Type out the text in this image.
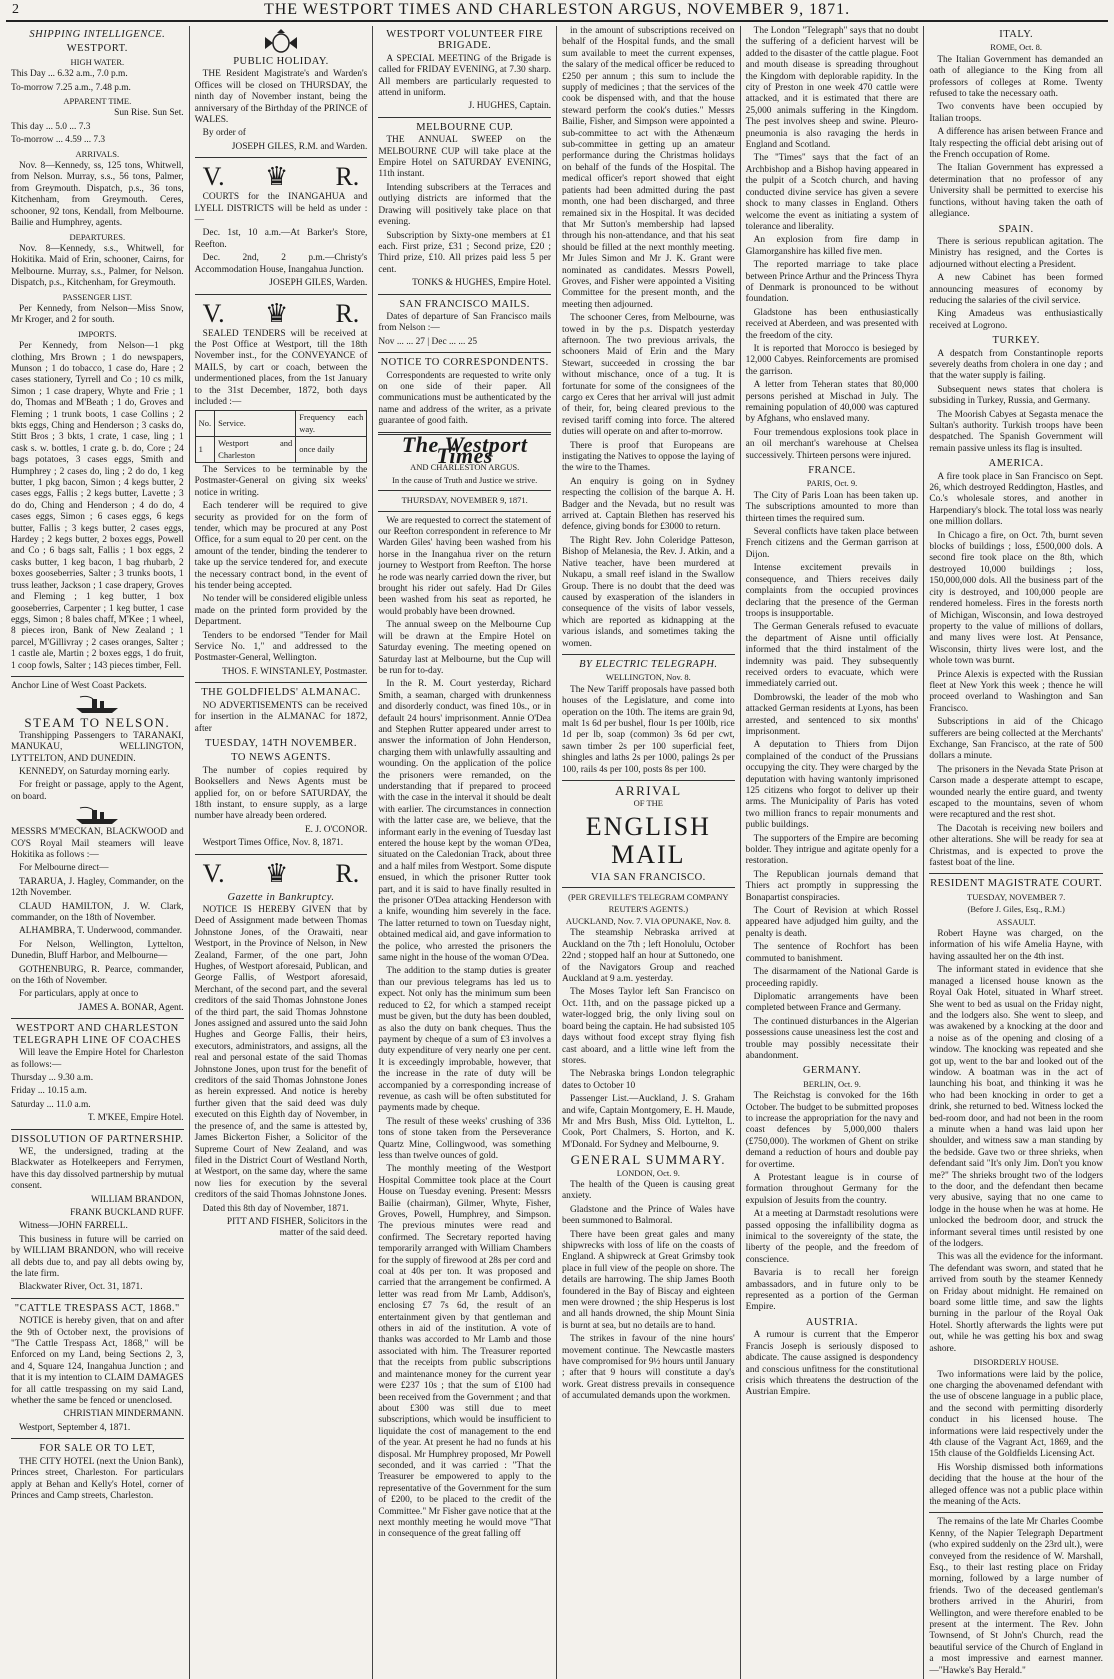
2	THE WESTPORT TIMES AND CHARLESTON ARGUS, NOVEMBER 9, 1871.
SHIPPING INTELLIGENCE.
WESTPORT.
HIGH WATER.
This Day ... 6.32 a.m., 7.0 p.m.
To-morrow 7.25 a.m., 7.48 p.m.
APPARENT TIME.
Sun Rise. Sun Set.
This day ... 5.0 ... 7.3
To-morrow ... 4.59 ... 7.3
ARRIVALS.
Nov. 8—Kennedy, ss, 125 tons, Whitwell, from Nelson. Murray, s.s., 56 tons, Palmer, from Greymouth. Dispatch, p.s., 36 tons, Kitchenham, from Greymouth. Ceres, schooner, 92 tons, Kendall, from Melbourne. Bailie and Humphrey, agents.
DEPARTURES.
Nov. 8—Kennedy, s.s., Whitwell, for Hokitika. Maid of Erin, schooner, Cairns, for Melbourne. Murray, s.s., Palmer, for Nelson. Dispatch, p.s., Kitchenham, for Greymouth.
PASSENGER LIST.
Per Kennedy, from Nelson—Miss Snow, Mr Kroger, and 2 for south.
IMPORTS.
Per Kennedy, from Nelson—1 pkg clothing, Mrs Brown ; 1 do newspapers, Munson ; 1 do tobacco, 1 case do, Hare ; 2 cases stationery, Tyrrell and Co ; 10 cs milk, Simon ; 1 case drapery, Whyte and Frie ; 1 do, Thomas and M'Beath ; 1 do, Groves and Fleming ; 1 trunk boots, 1 case Collins ; 2 bkts eggs, Ching and Henderson ; 3 casks do, Stitt Bros ; 3 bkts, 1 crate, 1 case, ling ; 1 cask s. w. bottles, 1 crate g. b. do, Core ; 24 bags potatoes, 3 cases eggs, Smith and Humphrey ; 2 cases do, ling ; 2 do do, 1 keg butter, 1 pkg bacon, Simon ; 4 kegs butter, 2 cases eggs, Fallis ; 2 kegs butter, Lavette ; 3 do do, Ching and Henderson ; 4 do do, 4 cases eggs, Simon ; 6 cases eggs, 6 kegs butter, Fallis ; 3 kegs butter, 2 cases eggs, Hardey ; 2 kegs butter, 2 boxes eggs, Powell and Co ; 6 bags salt, Fallis ; 1 box eggs, 2 casks butter, 1 keg bacon, 1 bag rhubarb, 2 boxes gooseberries, Salter ; 3 trunks boots, 1 truss leather, Jackson ; 1 case drapery, Groves and Fleming ; 1 keg butter, 1 box gooseberries, Carpenter ; 1 keg butter, 1 case eggs, Simon ; 8 bales chaff, M'Kee ; 1 wheel, 8 pieces iron, Bank of New Zealand ; 1 parcel, M'Gillivray ; 2 cases oranges, Salter ; 1 castle ale, Martin ; 2 boxes eggs, 1 do fruit, 1 coop fowls, Salter ; 143 pieces timber, Fell.
Anchor Line of West Coast Packets.
STEAM TO NELSON.
Transhipping Passengers to TARANAKI, MANUKAU, WELLINGTON, LYTTELTON, AND DUNEDIN.
KENNEDY, on Saturday morning early.
For freight or passage, apply to the Agent, on board.
MESSRS M'MECKAN, BLACKWOOD and CO'S Royal Mail steamers will leave Hokitika as follows :—
For Melbourne direct—
TARARUA, J. Hagley, Commander, on the 12th November.
CLAUD HAMILTON, J. W. Clark, commander, on the 18th of November.
ALHAMBRA, T. Underwood, commander.
For Nelson, Wellington, Lyttelton, Dunedin, Bluff Harbor, and Melbourne—
GOTHENBURG, R. Pearce, commander, on the 16th of November.
For particulars, apply at once to
JAMES A. BONAR, Agent.
WESTPORT AND CHARLESTON TELEGRAPH LINE OF COACHES
Will leave the Empire Hotel for Charleston as follows:—
Thursday ... 9.30 a.m.
Friday ... 10.15 a.m.
Saturday ... 11.0 a.m.
T. M'KEE, Empire Hotel.
DISSOLUTION OF PARTNERSHIP.
WE, the undersigned, trading at the Blackwater as Hotelkeepers and Ferrymen, have this day dissolved partnership by mutual consent.
WILLIAM BRANDON,
FRANK BUCKLAND RUFF.
Witness—JOHN FARRELL.
This business in future will be carried on by WILLIAM BRANDON, who will receive all debts due to, and pay all debts owing by, the late firm.
Blackwater River, Oct. 31, 1871.
"CATTLE TRESPASS ACT, 1868."
NOTICE is hereby given, that on and after the 9th of October next, the provisions of "The Cattle Trespass Act, 1868," will be Enforced on my Land, being Sections 2, 3, and 4, Square 124, Inangahua Junction ; and that it is my intention to CLAIM DAMAGES for all cattle trespassing on my said Land, whether the same be fenced or unenclosed.
CHRISTIAN MINDERMANN.
Westport, September 4, 1871.
FOR SALE OR TO LET,
THE CITY HOTEL (next the Union Bank), Princes street, Charleston. For particulars apply at Behan and Kelly's Hotel, corner of Princes and Camp streets, Charleston.
PUBLIC HOLIDAY.
THE Resident Magistrate's and Warden's Offices will be closed on THURSDAY, the ninth day of November instant, being the anniversary of the Birthday of the PRINCE of WALES.
By order of
JOSEPH GILES, R.M. and Warden.
V. ♛ R.
COURTS for the INANGAHUA and LYELL DISTRICTS will be held as under :—
Dec. 1st, 10 a.m.—At Barker's Store, Reefton.
Dec. 2nd, 2 p.m.—Christy's Accommodation House, Inangahua Junction.
JOSEPH GILES, Warden.
V. ♛ R.
SEALED TENDERS will be received at the Post Office at Westport, till the 18th November inst., for the CONVEYANCE of MAILS, by cart or coach, between the undermentioned places, from the 1st January to the 31st December, 1872, both days included :—
No.	Service.	Frequency each way.
1	Westport and Charleston	once daily
The Services to be terminable by the Postmaster-General on giving six weeks' notice in writing.
Each tenderer will be required to give security as provided for on the form of tender, which may be procured at any Post Office, for a sum equal to 20 per cent. on the amount of the tender, binding the tenderer to take up the service tendered for, and execute the necessary contract bond, in the event of his tender being accepted.
No tender will be considered eligible unless made on the printed form provided by the Department.
Tenders to be endorsed "Tender for Mail Service No. 1," and addressed to the Postmaster-General, Wellington.
THOS. F. WINSTANLEY, Postmaster.
THE GOLDFIELDS' ALMANAC.
NO ADVERTISEMENTS can be received for insertion in the ALMANAC for 1872, after
TUESDAY, 14TH NOVEMBER.
TO NEWS AGENTS.
The number of copies required by Booksellers and News Agents must be applied for, on or before SATURDAY, the 18th instant, to ensure supply, as a large number have already been ordered.
E. J. O'CONOR.
Westport Times Office, Nov. 8, 1871.
V. ♛ R.
Gazette in Bankruptcy.
NOTICE IS HEREBY GIVEN that by Deed of Assignment made between Thomas Johnstone Jones, of the Orawaiti, near Westport, in the Province of Nelson, in New Zealand, Farmer, of the one part, John Hughes, of Westport aforesaid, Publican, and George Fallis, of Westport aforesaid, Merchant, of the second part, and the several creditors of the said Thomas Johnstone Jones of the third part, the said Thomas Johnstone Jones assigned and assured unto the said John Hughes and George Fallis, their heirs, executors, administrators, and assigns, all the real and personal estate of the said Thomas Johnstone Jones, upon trust for the benefit of creditors of the said Thomas Johnstone Jones as herein expressed. And notice is hereby further given that the said deed was duly executed on this Eighth day of November, in the presence of, and the same is attested by, James Bickerton Fisher, a Solicitor of the Supreme Court of New Zealand, and was filed in the District Court of Westland North, at Westport, on the same day, where the same now lies for execution by the several creditors of the said Thomas Johnstone Jones.
Dated this 8th day of November, 1871.
PITT AND FISHER, Solicitors in the matter of the said deed.
WESTPORT VOLUNTEER FIRE BRIGADE.
A SPECIAL MEETING of the Brigade is called for FRIDAY EVENING, at 7.30 sharp. All members are particularly requested to attend in uniform.
J. HUGHES, Captain.
MELBOURNE CUP.
THE ANNUAL SWEEP on the MELBOURNE CUP will take place at the Empire Hotel on SATURDAY EVENING, 11th instant.
Intending subscribers at the Terraces and outlying districts are informed that the Drawing will positively take place on that evening.
Subscription by Sixty-one members at £1 each. First prize, £31 ; Second prize, £20 ; Third prize, £10. All prizes paid less 5 per cent.
TONKS & HUGHES, Empire Hotel.
SAN FRANCISCO MAILS.
Dates of departure of San Francisco mails from Nelson :—
Nov ... ... 27 | Dec ... ... 25
NOTICE TO CORRESPONDENTS.
Correspondents are requested to write only on one side of their paper. All communications must be authenticated by the name and address of the writer, as a private guarantee of good faith.
The Westport Times
AND CHARLESTON ARGUS.
In the cause of Truth and Justice we strive.
THURSDAY, NOVEMBER 9, 1871.
We are requested to correct the statement of our Reefton correspondent in reference to Mr Warden Giles' having been washed from his horse in the Inangahua river on the return journey to Westport from Reefton. The horse he rode was nearly carried down the river, but brought his rider out safely. Had Dr Giles been washed from his seat as reported, he would probably have been drowned.
The annual sweep on the Melbourne Cup will be drawn at the Empire Hotel on Saturday evening. The meeting opened on Saturday last at Melbourne, but the Cup will be run for to-day.
In the R. M. Court yesterday, Richard Smith, a seaman, charged with drunkenness and disorderly conduct, was fined 10s., or in default 24 hours' imprisonment. Annie O'Dea and Stephen Rutter appeared under arrest to answer the information of John Henderson, charging them with unlawfully assaulting and wounding. On the application of the police the prisoners were remanded, on the understanding that if prepared to proceed with the case in the interval it should be dealt with earlier. The circumstances in connection with the latter case are, we believe, that the informant early in the evening of Tuesday last entered the house kept by the woman O'Dea, situated on the Caledonian Track, about three and a half miles from Westport. Some dispute ensued, in which the prisoner Rutter took part, and it is said to have finally resulted in the prisoner O'Dea attacking Henderson with a knife, wounding him severely in the face. The latter returned to town on Tuesday night, obtained medical aid, and gave information to the police, who arrested the prisoners the same night in the house of the woman O'Dea.
The addition to the stamp duties is greater than our previous telegrams has led us to expect. Not only has the minimum sum been reduced to £2, for which a stamped receipt must be given, but the duty has been doubled, as also the duty on bank cheques. Thus the payment by cheque of a sum of £3 involves a duty expenditure of very nearly one per cent. It is exceedingly improbable, however, that the increase in the rate of duty will be accompanied by a corresponding increase of revenue, as cash will be often substituted for payments made by cheque.
The result of these weeks' crushing of 336 tons of stone taken from the Perseverance Quartz Mine, Collingwood, was something less than twelve ounces of gold.
The monthly meeting of the Westport Hospital Committee took place at the Court House on Tuesday evening. Present: Messrs Bailie (chairman), Gilmer, Whyte, Fisher, Groves, Powell, Humphrey, and Simpson. The previous minutes were read and confirmed. The Secretary reported having temporarily arranged with William Chambers for the supply of firewood at 28s per cord and coal at 40s per ton. It was proposed and carried that the arrangement be confirmed. A letter was read from Mr Lamb, Addison's, enclosing £7 7s 6d, the result of an entertainment given by that gentleman and others in aid of the institution. A vote of thanks was accorded to Mr Lamb and those associated with him. The Treasurer reported that the receipts from public subscriptions and maintenance money for the current year were £237 10s ; that the sum of £100 had been received from the Government ; and that about £300 was still due to meet subscriptions, which would be insufficient to liquidate the cost of management to the end of the year. At present he had no funds at his disposal. Mr Humphrey proposed, Mr Powell seconded, and it was carried : "That the Treasurer be empowered to apply to the representative of the Government for the sum of £200, to be placed to the credit of the Committee." Mr Fisher gave notice that at the next monthly meeting he would move "That in consequence of the great falling off
in the amount of subscriptions received on behalf of the Hospital funds, and the small sum available to meet the current expenses, the salary of the medical officer be reduced to £250 per annum ; this sum to include the supply of medicines ; that the services of the cook be dispensed with, and that the house steward perform the cook's duties." Messrs Bailie, Fisher, and Simpson were appointed a sub-committee to act with the Athenæum sub-committee in getting up an amateur performance during the Christmas holidays on behalf of the funds of the Hospital. The medical officer's report showed that eight patients had been admitted during the past month, one had been discharged, and three remained six in the Hospital. It was decided that Mr Sutton's membership had lapsed through his non-attendance, and that his seat should be filled at the next monthly meeting. Mr Jules Simon and Mr J. K. Grant were nominated as candidates. Messrs Powell, Groves, and Fisher were appointed a Visiting Committee for the present month, and the meeting then adjourned.
The schooner Ceres, from Melbourne, was towed in by the p.s. Dispatch yesterday afternoon. The two previous arrivals, the schooners Maid of Erin and the Mary Stewart, succeeded in crossing the bar without mischance, once of a tug. It is fortunate for some of the consignees of the cargo ex Ceres that her arrival will just admit of their, for, being cleared previous to the revised tariff coming into force. The altered duties will operate on and after to-morrow.
There is proof that Europeans are instigating the Natives to oppose the laying of the wire to the Thames.
An enquiry is going on in Sydney respecting the collision of the barque A. H. Badger and the Nevada, but no result was arrived at. Captain Blethen has reserved his defence, giving bonds for £3000 to return.
The Right Rev. John Coleridge Patteson, Bishop of Melanesia, the Rev. J. Atkin, and a Native teacher, have been murdered at Nukapu, a small reef island in the Swallow Group. There is no doubt that the deed was caused by exasperation of the islanders in consequence of the visits of labor vessels, which are reported as kidnapping at the various islands, and sometimes taking the women.
BY ELECTRIC TELEGRAPH.
WELLINGTON, Nov. 8.
The New Tariff proposals have passed both houses of the Legislature, and come into operation on the 10th. The items are grain 9d, malt 1s 6d per bushel, flour 1s per 100lb, rice 1d per lb, soap (common) 3s 6d per cwt, sawn timber 2s per 100 superficial feet, shingles and laths 2s per 1000, palings 2s per 100, rails 4s per 100, posts 8s per 100.
ARRIVAL
OF THE
ENGLISH MAIL
VIA SAN FRANCISCO.
(PER GREVILLE'S TELEGRAM COMPANY REUTER'S AGENTS.)
AUCKLAND, Nov. 7. VIA OPUNAKE, Nov. 8.
The steamship Nebraska arrived at Auckland on the 7th ; left Honolulu, October 22nd ; stopped half an hour at Suttonedo, one of the Navigators Group and reached Auckland at 9 a.m. yesterday.
The Moses Taylor left San Francisco on Oct. 11th, and on the passage picked up a water-logged brig, the only living soul on board being the captain. He had subsisted 105 days without food except stray flying fish cast aboard, and a little wine left from the stores.
The Nebraska brings London telegraphic dates to October 10
Passenger List.—Auckland, J. S. Graham and wife, Captain Montgomery, E. H. Maude, Mr and Mrs Bush, Miss Old. Lyttelton, L. Cook, Port Chalmers, S. Horton, and K. M'Donald. For Sydney and Melbourne, 9.
GENERAL SUMMARY.
LONDON, Oct. 9.
The health of the Queen is causing great anxiety.
Gladstone and the Prince of Wales have been summoned to Balmoral.
There have been great gales and many shipwrecks with loss of life on the coasts of England. A shipwreck at Great Grimsby took place in full view of the people on shore. The details are harrowing. The ship James Booth foundered in the Bay of Biscay and eighteen men were drowned ; the ship Hesperus is lost and all hands drowned, the ship Mount Sinia is burnt at sea, but no details are to hand.
The strikes in favour of the nine hours' movement continue. The Newcastle masters have compromised for 9½ hours until January ; after that 9 hours will constitute a day's work. Great distress prevails in consequence of accumulated demands upon the workmen.
The London "Telegraph" says that no doubt the suffering of a deficient harvest will be added to the disaster of the cattle plague. Foot and mouth disease is spreading throughout the Kingdom with deplorable rapidity. In the city of Preston in one week 470 cattle were attacked, and it is estimated that there are 25,000 animals suffering in the Kingdom. The pest involves sheep and swine. Pleuro-pneumonia is also ravaging the herds in England and Scotland.
The "Times" says that the fact of an Archbishop and a Bishop having appeared in the pulpit of a Scotch church, and having conducted divine service has given a severe shock to many classes in England. Others welcome the event as initiating a system of tolerance and liberality.
An explosion from fire damp in Glamorganshire has killed five men.
The reported marriage to take place between Prince Arthur and the Princess Thyra of Denmark is pronounced to be without foundation.
Gladstone has been enthusiastically received at Aberdeen, and was presented with the freedom of the city.
It is reported that Morocco is besieged by 12,000 Cabyes. Reinforcements are promised the garrison.
A letter from Teheran states that 80,000 persons perished at Mischad in July. The remaining population of 40,000 was captured by Afghans, who enslaved many.
Four tremendous explosions took place in an oil merchant's warehouse at Chelsea successively. Thirteen persons were injured.
FRANCE.
PARIS, Oct. 9.
The City of Paris Loan has been taken up. The subscriptions amounted to more than thirteen times the required sum.
Several conflicts have taken place between French citizens and the German garrison at Dijon.
Intense excitement prevails in consequence, and Thiers receives daily complaints from the occupied provinces declaring that the presence of the German troops is insupportable.
The German Generals refused to evacuate the department of Aisne until officially informed that the third instalment of the indemnity was paid. They subsequently received orders to evacuate, which were immediately carried out.
Dombrowski, the leader of the mob who attacked German residents at Lyons, has been arrested, and sentenced to six months' imprisonment.
A deputation to Thiers from Dijon complained of the conduct of the Prussians occupying the city. They were charged by the deputation with having wantonly imprisoned 125 citizens who forgot to deliver up their arms. The Municipality of Paris has voted two million francs to repair monuments and public buildings.
The supporters of the Empire are becoming bolder. They intrigue and agitate openly for a restoration.
The Republican journals demand that Thiers act promptly in suppressing the Bonapartist conspiracies.
The Court of Revision at which Rossel appeared have adjudged him guilty, and the penalty is death.
The sentence of Rochfort has been commuted to banishment.
The disarmament of the National Garde is proceeding rapidly.
Diplomatic arrangements have been completed between France and Germany.
The continued disturbances in the Algerian possessions cause uneasiness lest the cost and trouble may possibly necessitate their abandonment.
GERMANY.
BERLIN, Oct. 9.
The Reichstag is convoked for the 16th October. The budget to be submitted proposes to increase the appropriation for the navy and coast defences by 5,000,000 thalers (£750,000). The workmen of Ghent on strike demand a reduction of hours and double pay for overtime.
A Protestant league is in course of formation throughout Germany for the expulsion of Jesuits from the country.
At a meeting at Darmstadt resolutions were passed opposing the infallibility dogma as inimical to the sovereignty of the state, the liberty of the people, and the freedom of conscience.
Bavaria is to recall her foreign ambassadors, and in future only to be represented as a portion of the German Empire.
AUSTRIA.
A rumour is current that the Emperor Francis Joseph is seriously disposed to abdicate. The cause assigned is despondency and conscious unfitness for the constitutional crisis which threatens the destruction of the Austrian Empire.
ITALY.
ROME, Oct. 8.
The Italian Government has demanded an oath of allegiance to the King from all professors of colleges at Rome. Twenty refused to take the necessary oath.
Two convents have been occupied by Italian troops.
A difference has arisen between France and Italy respecting the official debt arising out of the French occupation of Rome.
The Italian Government has expressed a determination that no professor of any University shall be permitted to exercise his functions, without having taken the oath of allegiance.
SPAIN.
There is serious republican agitation. The Ministry has resigned, and the Cortes is adjourned without electing a President.
A new Cabinet has been formed announcing measures of economy by reducing the salaries of the civil service.
King Amadeus was enthusiastically received at Logrono.
TURKEY.
A despatch from Constantinople reports severely deaths from cholera in one day ; and that the water supply is failing.
Subsequent news states that cholera is subsiding in Turkey, Russia, and Germany.
The Moorish Cabyes at Segasta menace the Sultan's authority. Turkish troops have been despatched. The Spanish Government will remain passive unless its flag is insulted.
AMERICA.
A fire took place in San Francisco on Sept. 26, which destroyed Reddington, Hastles, and Co.'s wholesale stores, and another in Harpendiary's block. The total loss was nearly one million dollars.
In Chicago a fire, on Oct. 7th, burnt seven blocks of buildings ; loss, £500,000 dols. A second fire took place on the 8th, which destroyed 10,000 buildings ; loss, 150,000,000 dols. All the business part of the city is destroyed, and 100,000 people are rendered homeless. Fires in the forests north of Michigan, Wisconsin, and Iowa destroyed property to the value of millions of dollars, and many lives were lost. At Pensance, Wisconsin, thirty lives were lost, and the whole town was burnt.
Prince Alexis is expected with the Russian fleet at New York this week ; thence he will proceed overland to Washington and San Francisco.
Subscriptions in aid of the Chicago sufferers are being collected at the Merchants' Exchange, San Francisco, at the rate of 500 dollars a minute.
The prisoners in the Nevada State Prison at Carson made a desperate attempt to escape, wounded nearly the entire guard, and twenty escaped to the mountains, seven of whom were recaptured and the rest shot.
The Dacotah is receiving new boilers and other alterations. She will be ready for sea at Christmas, and is expected to prove the fastest boat of the line.
RESIDENT MAGISTRATE COURT.
TUESDAY, NOVEMBER 7.
(Before J. Giles, Esq., R.M.)
ASSAULT.
Robert Hayne was charged, on the information of his wife Amelia Hayne, with having assaulted her on the 4th inst.
The informant stated in evidence that she managed a licensed house known as the Royal Oak Hotel, situated in Wharf street. She went to bed as usual on the Friday night, and the lodgers also. She went to sleep, and was awakened by a knocking at the door and a noise as of the opening and closing of a window. The knocking was repeated and she got up, went to the bar and looked out of the window. A boatman was in the act of launching his boat, and thinking it was he who had been knocking in order to get a drink, she returned to bed. Witness locked the bed-room door, and had not been in the room a minute when a hand was laid upon her shoulder, and witness saw a man standing by the bedside. Gave two or three shrieks, when defendant said "It's only Jim. Don't you know me?" The shrieks brought two of the lodgers to the door, and the defendant then became very abusive, saying that no one came to lodge in the house when he was at home. He unlocked the bedroom door, and struck the informant several times until resisted by one of the lodgers.
This was all the evidence for the informant. The defendant was sworn, and stated that he arrived from south by the steamer Kennedy on Friday about midnight. He remained on board some little time, and saw the lights burning in the parlour of the Royal Oak Hotel. Shortly afterwards the lights were put out, while he was getting his box and swag ashore.
DISORDERLY HOUSE.
Two informations were laid by the police, one charging the abovenamed defendant with the use of obscene language in a public place, and the second with permitting disorderly conduct in his licensed house. The informations were laid respectively under the 4th clause of the Vagrant Act, 1869, and the 15th clause of the Goldfields Licensing Act.
His Worship dismissed both informations deciding that the house at the hour of the alleged offence was not a public place within the meaning of the Acts.
The remains of the late Mr Charles Coombe Kenny, of the Napier Telegraph Department (who expired suddenly on the 23rd ult.), were conveyed from the residence of W. Marshall, Esq., to their last resting place on Friday morning, followed by a large number of friends. Two of the deceased gentleman's brothers arrived in the Ahuriri, from Wellington, and were therefore enabled to be present at the interment. The Rev. John Townsend, of St John's Church, read the beautiful service of the Church of England in a most impressive and earnest manner.—"Hawke's Bay Herald."
